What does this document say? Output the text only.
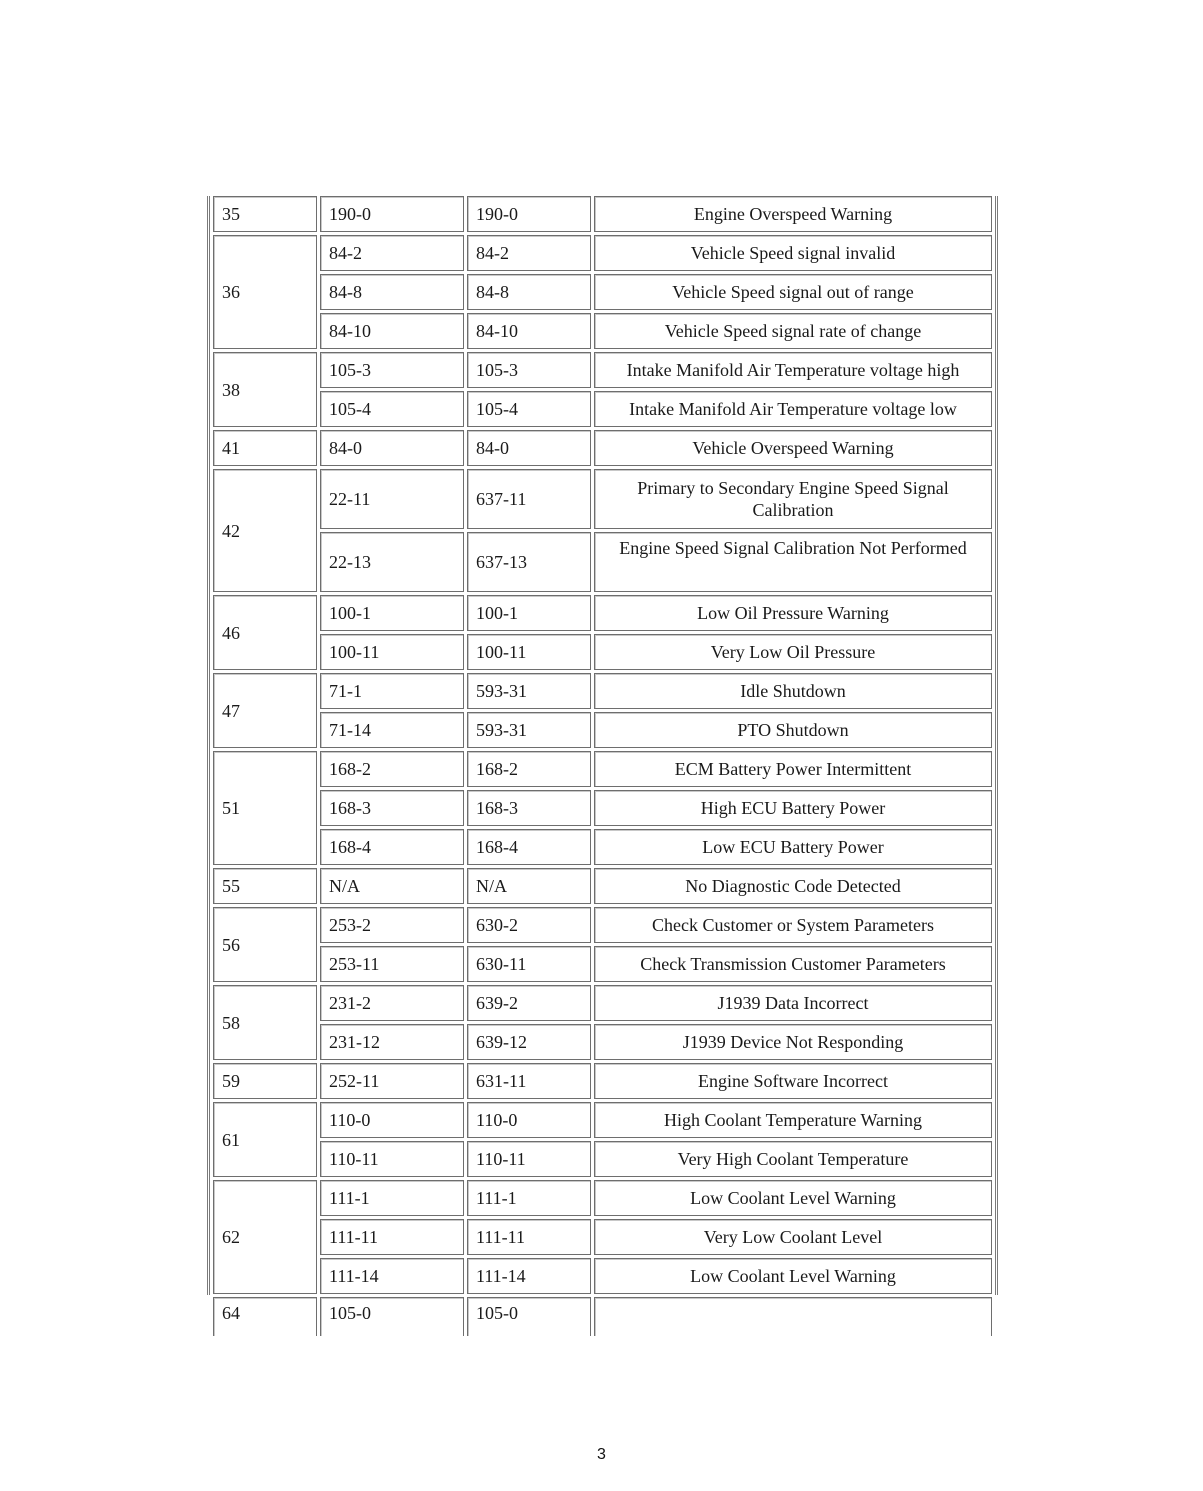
35	190-0	190-0	Engine Overspeed Warning
36	84-2	84-2	Vehicle Speed signal invalid
	84-8	84-8	Vehicle Speed signal out of range
	84-10	84-10	Vehicle Speed signal rate of change
38	105-3	105-3	Intake Manifold Air Temperature voltage high
	105-4	105-4	Intake Manifold Air Temperature voltage low
41	84-0	84-0	Vehicle Overspeed Warning
42	22-11	637-11	Primary to Secondary Engine Speed Signal Calibration
	22-13	637-13	Engine Speed Signal Calibration Not Performed
46	100-1	100-1	Low Oil Pressure Warning
	100-11	100-11	Very Low Oil Pressure
47	71-1	593-31	Idle Shutdown
	71-14	593-31	PTO Shutdown
51	168-2	168-2	ECM Battery Power Intermittent
	168-3	168-3	High ECU Battery Power
	168-4	168-4	Low ECU Battery Power
55	N/A	N/A	No Diagnostic Code Detected
56	253-2	630-2	Check Customer or System Parameters
	253-11	630-11	Check Transmission Customer Parameters
58	231-2	639-2	J1939 Data Incorrect
	231-12	639-12	J1939 Device Not Responding
59	252-11	631-11	Engine Software Incorrect
61	110-0	110-0	High Coolant Temperature Warning
	110-11	110-11	Very High Coolant Temperature
62	111-1	111-1	Low Coolant Level Warning
	111-11	111-11	Very Low Coolant Level
	111-14	111-14	Low Coolant Level Warning
64	105-0	105-0	
3
